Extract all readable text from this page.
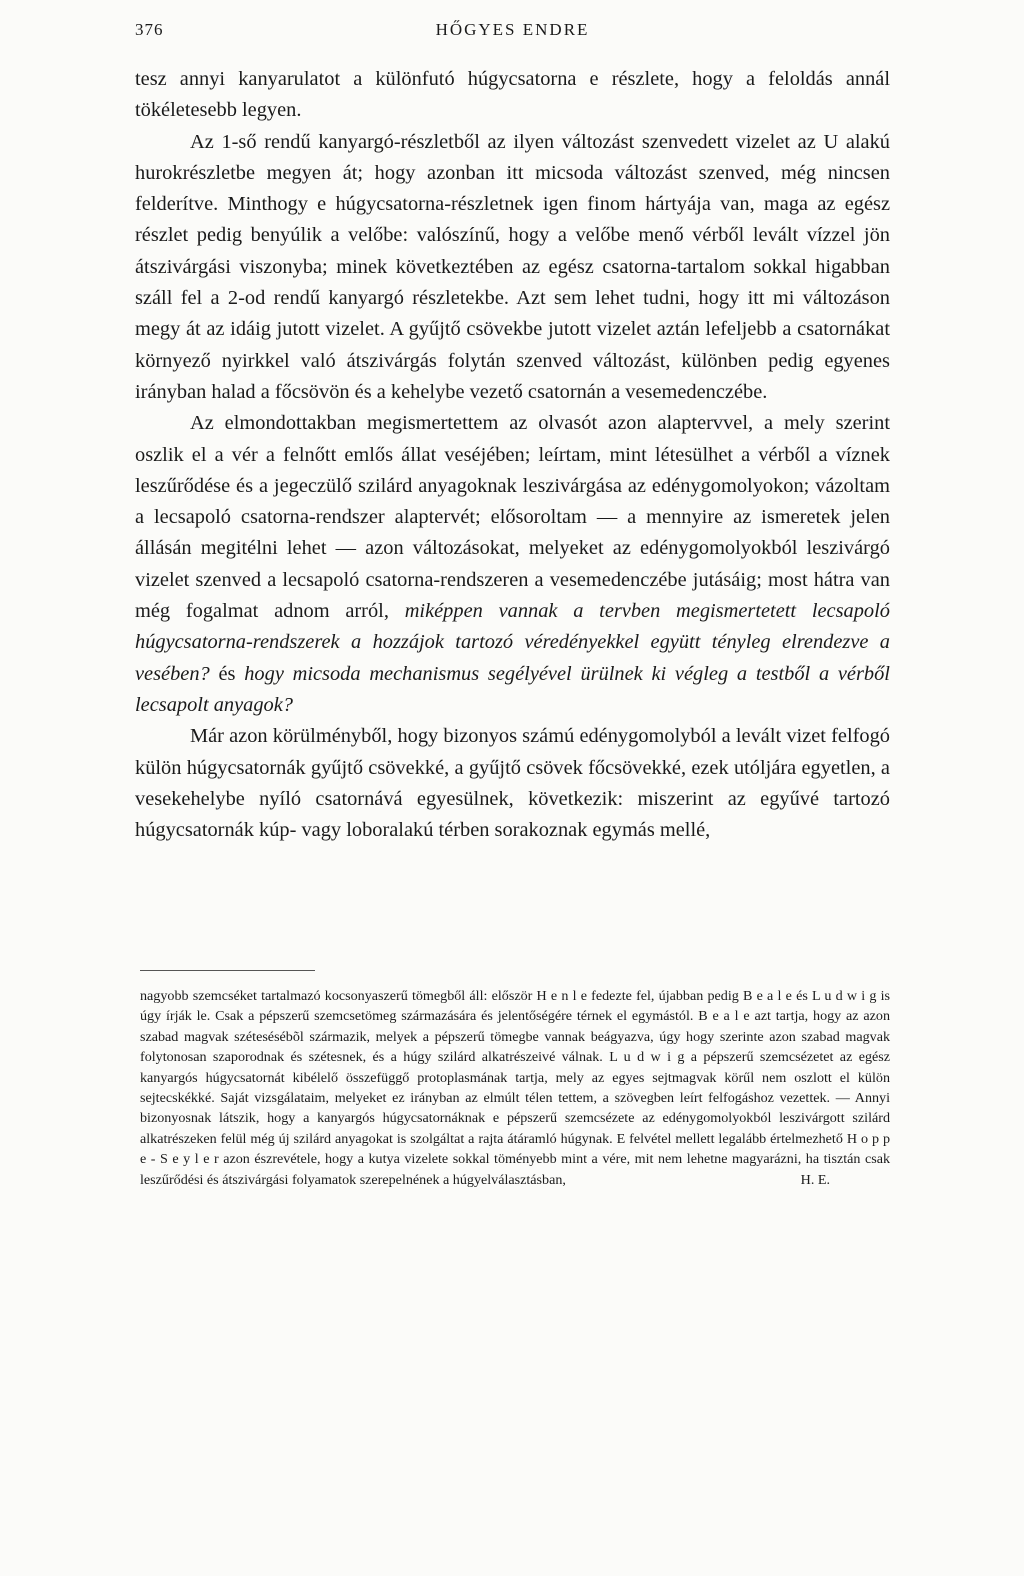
376	HŐGYES ENDRE

tesz annyi kanyarulatot a különfutó húgycsatorna e részlete, hogy a feloldás annál tökéletesebb legyen.

Az 1-ső rendű kanyargó-részletből az ilyen változást szenvedett vizelet az U alakú hurokrészletbe megyen át; hogy azonban itt micsoda változást szenved, még nincsen felderítve. Minthogy e húgycsatorna-részletnek igen finom hártyája van, maga az egész részlet pedig benyúlik a velőbe: valószínű, hogy a velőbe menő vérből levált vízzel jön átszivárgási viszonyba; minek következtében az egész csatorna-tartalom sokkal higabban száll fel a 2-od rendű kanyargó részletekbe. Azt sem lehet tudni, hogy itt mi változáson megy át az idáig jutott vizelet. A gyűjtő csövekbe jutott vizelet aztán lefeljebb a csatornákat környező nyirkkel való átszivárgás folytán szenved változást, különben pedig egyenes irányban halad a főcsövön és a kehelybe vezető csatornán a vesemedenczébe.

Az elmondottakban megismertettem az olvasót azon alaptervvel, a mely szerint oszlik el a vér a felnőtt emlős állat veséjében; leírtam, mint létesülhet a vérből a víznek leszűrődése és a jegeczülő szilárd anyagoknak leszivárgása az edénygomolyokon; vázoltam a lecsapoló csatorna-rendszer alaptervét; elősoroltam — a mennyire az ismeretek jelen állásán megitélni lehet — azon változásokat, melyeket az edénygomolyokból leszivárgó vizelet szenved a lecsapoló csatorna-rendszeren a vesemedenczébe jutásáig; most hátra van még fogalmat adnom arról, miképpen vannak a tervben megismertetett lecsapoló húgycsatorna-rendszerek a hozzájok tartozó véredényekkel együtt tényleg elrendezve a vesében? és hogy micsoda mechanismus segélyével ürülnek ki végleg a testből a vérből lecsapolt anyagok?

Már azon körülményből, hogy bizonyos számú edénygomolyból a levált vizet felfogó külön húgycsatornák gyűjtő csövekké, a gyűjtő csövek főcsövekké, ezek utóljára egyetlen, a vesekehelybe nyíló csatornává egyesülnek, következik: miszerint az egyűvé tartozó húgycsatornák kúp- vagy loboralakú térben sorakoznak egymás mellé,

nagyobb szemcséket tartalmazó kocsonyaszerű tömegből áll: először H e n l e fedezte fel, újabban pedig B e a l e és L u d w i g is úgy írják le. Csak a pépszerű szemcsetömeg származására és jelentőségére térnek el egymástól. B e a l e azt tartja, hogy az azon szabad magvak szétesésébõl származik, melyek a pépszerű tömegbe vannak beágyazva, úgy hogy szerinte azon szabad magvak folytonosan szaporodnak és szétesnek, és a húgy szilárd alkatrészeivé válnak. L u d w i g a pépszerű szemcsézetet az egész kanyargós húgycsatornát kibélelő összefüggő protoplasmának tartja, mely az egyes sejtmagvak körűl nem oszlott el külön sejtecskékké. Saját vizsgálataim, melyeket ez irányban az elmúlt télen tettem, a szövegben leírt felfogáshoz vezettek. — Annyi bizonyosnak látszik, hogy a kanyargós húgycsatornáknak e pépszerű szemcsézete az edénygomolyokból leszivárgott szilárd alkatrészeken felül még új szilárd anyagokat is szolgáltat a rajta átáramló húgynak. E felvétel mellett legalább értelmezhető H o p p e - S e y l e r azon észrevétele, hogy a kutya vizelete sokkal töményebb mint a vére, mit nem lehetne magyarázni, ha tisztán csak leszűrődési és átszivárgási folyamatok szerepelnének a húgyelválasztásban,	H. E.
